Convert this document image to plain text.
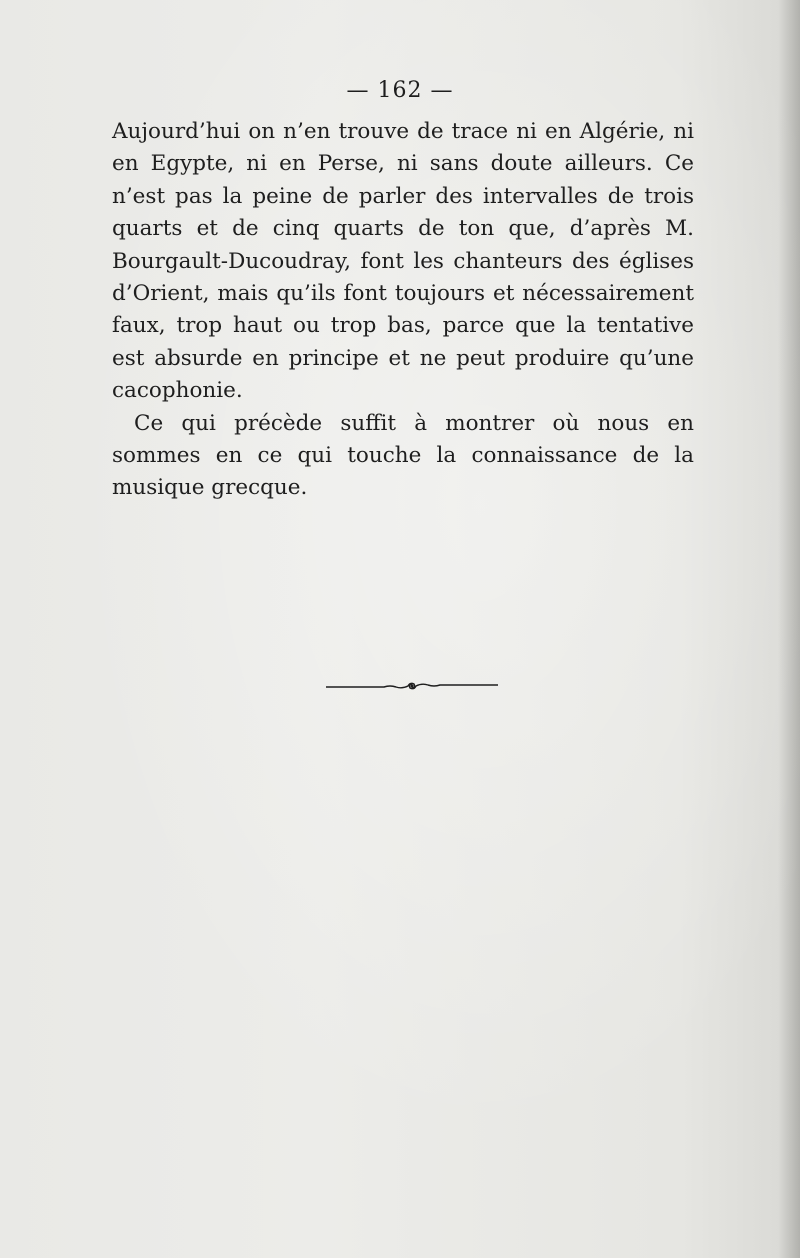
— 162 —

Aujourd’hui on n’en trouve de trace ni en Algérie, ni en Egypte, ni en Perse, ni sans doute ailleurs. Ce n’est pas la peine de parler des intervalles de trois quarts et de cinq quarts de ton que, d’après M. Bourgault-Ducoudray, font les chanteurs des églises d’Orient, mais qu’ils font toujours et nécessairement faux, trop haut ou trop bas, parce que la tentative est absurde en principe et ne peut produire qu’une cacophonie.

Ce qui précède suffit à montrer où nous en sommes en ce qui touche la connaissance de la musique grecque.
